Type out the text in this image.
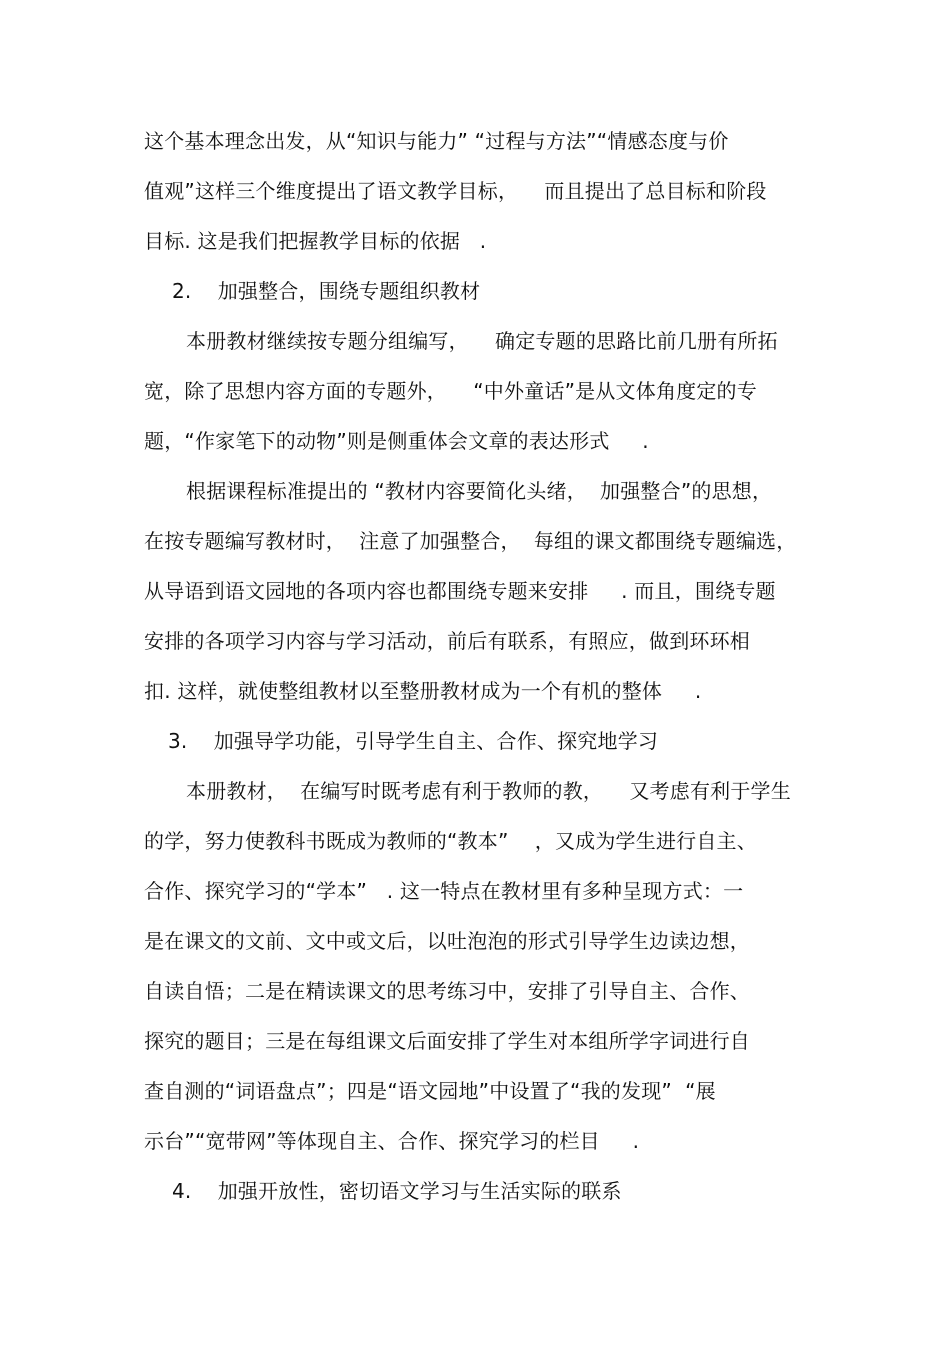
这个基本理念出发，从“知识与能力” “过程与方法”“情感态度与价
值观”这样三个维度提出了语文教学目标，    而且提出了总目标和阶段
目标. 这是我们把握教学目标的依据   .
2.    加强整合，围绕专题组织教材
本册教材继续按专题分组编写，    确定专题的思路比前几册有所拓
宽，除了思想内容方面的专题外，    “中外童话”是从文体角度定的专
题，“作家笔下的动物”则是侧重体会文章的表达形式     .
根据课程标准提出的 “教材内容要简化头绪，  加强整合”的思想，
在按专题编写教材时，  注意了加强整合，  每组的课文都围绕专题编选，
从导语到语文园地的各项内容也都围绕专题来安排     . 而且，围绕专题
安排的各项学习内容与学习活动，前后有联系，有照应，做到环环相
扣. 这样，就使整组教材以至整册教材成为一个有机的整体     .
3.    加强导学功能，引导学生自主、合作、探究地学习
本册教材，  在编写时既考虑有利于教师的教，    又考虑有利于学生
的学，努力使教科书既成为教师的“教本”    ，又成为学生进行自主、
合作、探究学习的“学本”   . 这一特点在教材里有多种呈现方式：一
是在课文的文前、文中或文后，以吐泡泡的形式引导学生边读边想，
自读自悟；二是在精读课文的思考练习中，安排了引导自主、合作、
探究的题目；三是在每组课文后面安排了学生对本组所学字词进行自
查自测的“词语盘点”；四是“语文园地”中设置了“我的发现”  “展
示台”“宽带网”等体现自主、合作、探究学习的栏目     .
4.    加强开放性，密切语文学习与生活实际的联系
